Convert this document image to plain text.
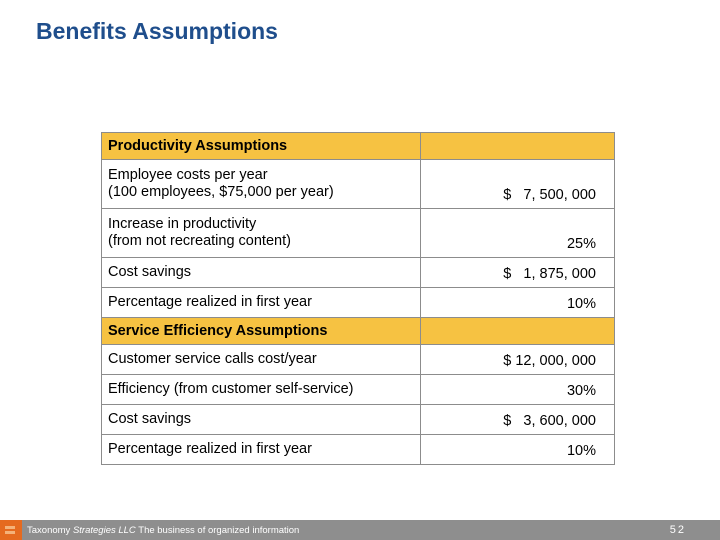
Benefits Assumptions
Productivity Assumptions	

Employee costs per year
(100 employees, $75,000 per year)	$   7, 500, 000

Increase in productivity
(from not recreating content)	25%
Cost savings	$   1, 875, 000
Percentage realized in first year	10%
Service Efficiency Assumptions	
Customer service calls cost/year	$ 12, 000, 000
Efficiency (from customer self-service)	30%
Cost savings	$   3, 600, 000
Percentage realized in first year	10%
Taxonomy Strategies LLC The business of organized information	52
